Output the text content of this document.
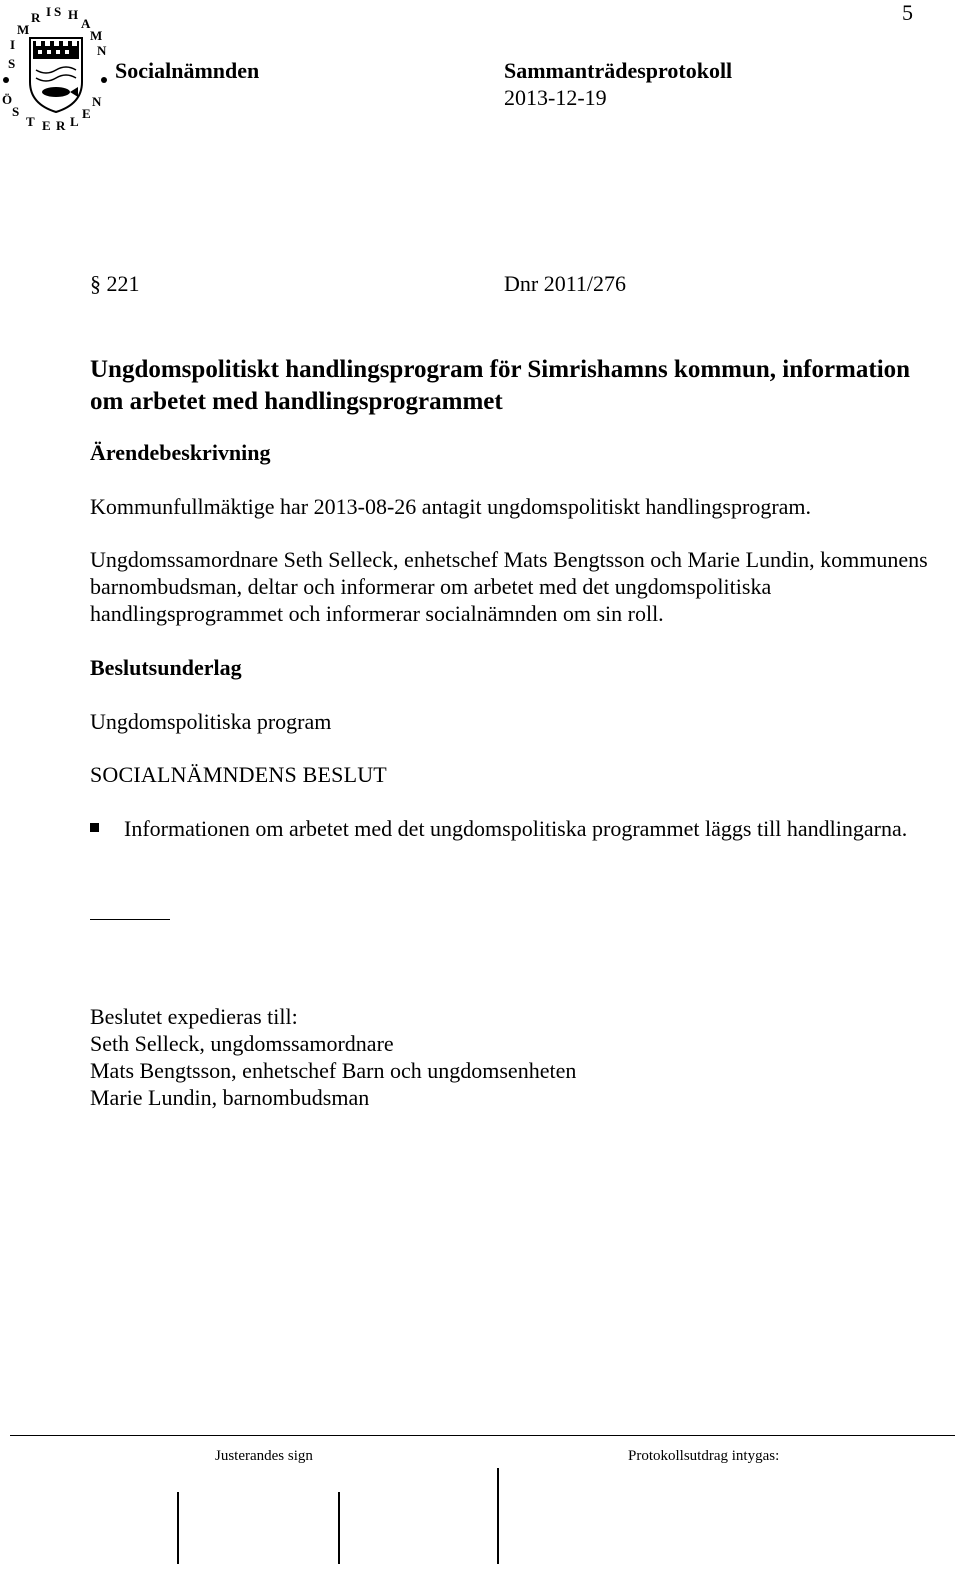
5
S
I
M
R I S H
A
M
N
Ö
S
T E R L
E
N
Socialnämnden	Sammanträdesprotokoll
2013-12-19
§ 221	Dnr 2011/276
Ungdomspolitiskt handlingsprogram för Simrishamns kommun, information om arbetet med handlingsprogrammet
Ärendebeskrivning
Kommunfullmäktige har 2013-08-26 antagit ungdomspolitiskt handlingsprogram.
Ungdomssamordnare Seth Selleck, enhetschef Mats Bengtsson och Marie Lundin, kommunens barnombudsman, deltar och informerar om arbetet med det ungdomspolitiska handlingsprogrammet och informerar socialnämnden om sin roll.
Beslutsunderlag
Ungdomspolitiska program
SOCIALNÄMNDENS BESLUT
Informationen om arbetet med det ungdomspolitiska programmet läggs till handlingarna.
Beslutet expedieras till:
Seth Selleck, ungdomssamordnare
Mats Bengtsson, enhetschef Barn och ungdomsenheten
Marie Lundin, barnombudsman
Justerandes sign	Protokollsutdrag intygas:
